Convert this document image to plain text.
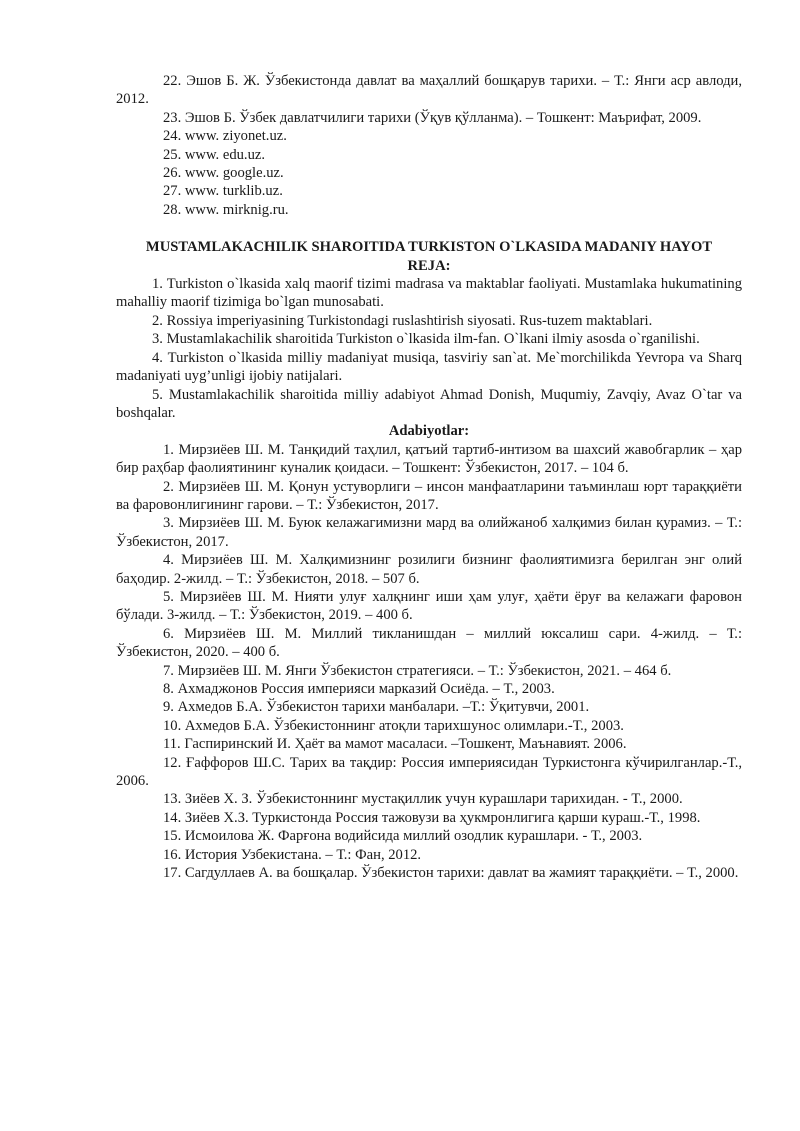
22. Эшов Б. Ж. Ўзбекистонда давлат ва маҳаллий бошқарув тарихи. – Т.: Янги аср авлоди, 2012.

23. Эшов Б. Ўзбек давлатчилиги тарихи (Ўқув қўлланма). – Тошкент: Маърифат, 2009.

24. www. ziyonet.uz.

25. www. edu.uz.

26. www. google.uz.

27. www. turklib.uz.

28. www. mirknig.ru.

MUSTAMLAKACHILIK SHAROITIDA TURKISTON O`LKASIDA MADANIY HAYOT

REJA:

1. Turkiston o`lkasida xalq maorif tizimi madrasa va maktablar faoliyati. Mustamlaka hukumatining mahalliy maorif tizimiga bo`lgan munosabati.

2. Rossiya imperiyasining Turkistondagi ruslashtirish siyosati. Rus-tuzem maktablari.

3. Mustamlakachilik sharoitida Turkiston o`lkasida ilm-fan. O`lkani ilmiy asosda o`rganilishi.

4. Turkiston o`lkasida milliy madaniyat musiqa, tasviriy san`at. Me`morchilikda Yevropa va Sharq madaniyati uyg’unligi ijobiy natijalari.

5. Mustamlakachilik sharoitida milliy adabiyot Ahmad Donish, Muqumiy, Zavqiy, Avaz O`tar va boshqalar.

Adabiyotlar:

1. Мирзиёев Ш. М. Танқидий таҳлил, қатъий тартиб-интизом ва шахсий жавобгарлик – ҳар бир раҳбар фаолиятининг куналик қоидаси. – Тошкент: Ўзбекистон, 2017. – 104 б.

2. Мирзиёев Ш. М. Қонун устуворлиги – инсон манфаатларини таъминлаш юрт тараққиёти ва фаровонлигининг гарови. – Т.: Ўзбекистон, 2017.

3. Мирзиёев Ш. М. Буюк келажагимизни мард ва олийжаноб халқимиз билан қурамиз. – Т.: Ўзбекистон, 2017.

4. Мирзиёев Ш. М. Халқимизнинг розилиги бизнинг фаолиятимизга берилган энг олий баҳодир. 2-жилд. – Т.: Ўзбекистон, 2018. – 507 б.

5. Мирзиёев Ш. М. Нияти улуғ халқнинг иши ҳам улуғ, ҳаёти ёруғ ва келажаги фаровон бўлади. 3-жилд. – Т.: Ўзбекистон, 2019. – 400 б.

6. Мирзиёев Ш. М. Миллий тикланишдан – миллий юксалиш сари. 4-жилд. – Т.: Ўзбекистон, 2020. – 400 б.

7. Мирзиёев Ш. М. Янги Ўзбекистон стратегияси. – Т.: Ўзбекистон, 2021. – 464 б.

8. Ахмаджонов Россия империяси марказий Осиёда. – Т., 2003.

9. Ахмедов Б.А. Ўзбекистон тарихи манбалари. –Т.: Ўқитувчи, 2001.

10. Ахмедов Б.А. Ўзбекистоннинг атоқли тарихшунос олимлари.-Т., 2003.

11. Гаспиринский И. Ҳаёт ва мамот масаласи. –Тошкент, Маънавият. 2006.

12. Ғаффоров Ш.С. Тарих ва тақдир: Россия империясидан Туркистонга кўчирилганлар.-Т., 2006.

13. Зиёев Х. З. Ўзбекистоннинг мустақиллик учун курашлари тарихидан. - Т., 2000.

14. Зиёев Х.З. Туркистонда Россия тажовузи ва ҳукмронлигига қарши кураш.-Т., 1998.

15. Исмоилова Ж. Фарғона водийсида миллий озодлик курашлари. - Т., 2003.

16. История Узбекистана. – Т.: Фан, 2012.

17. Сагдуллаев А. ва бошқалар. Ўзбекистон тарихи: давлат ва жамият тараққиёти. – Т., 2000.
